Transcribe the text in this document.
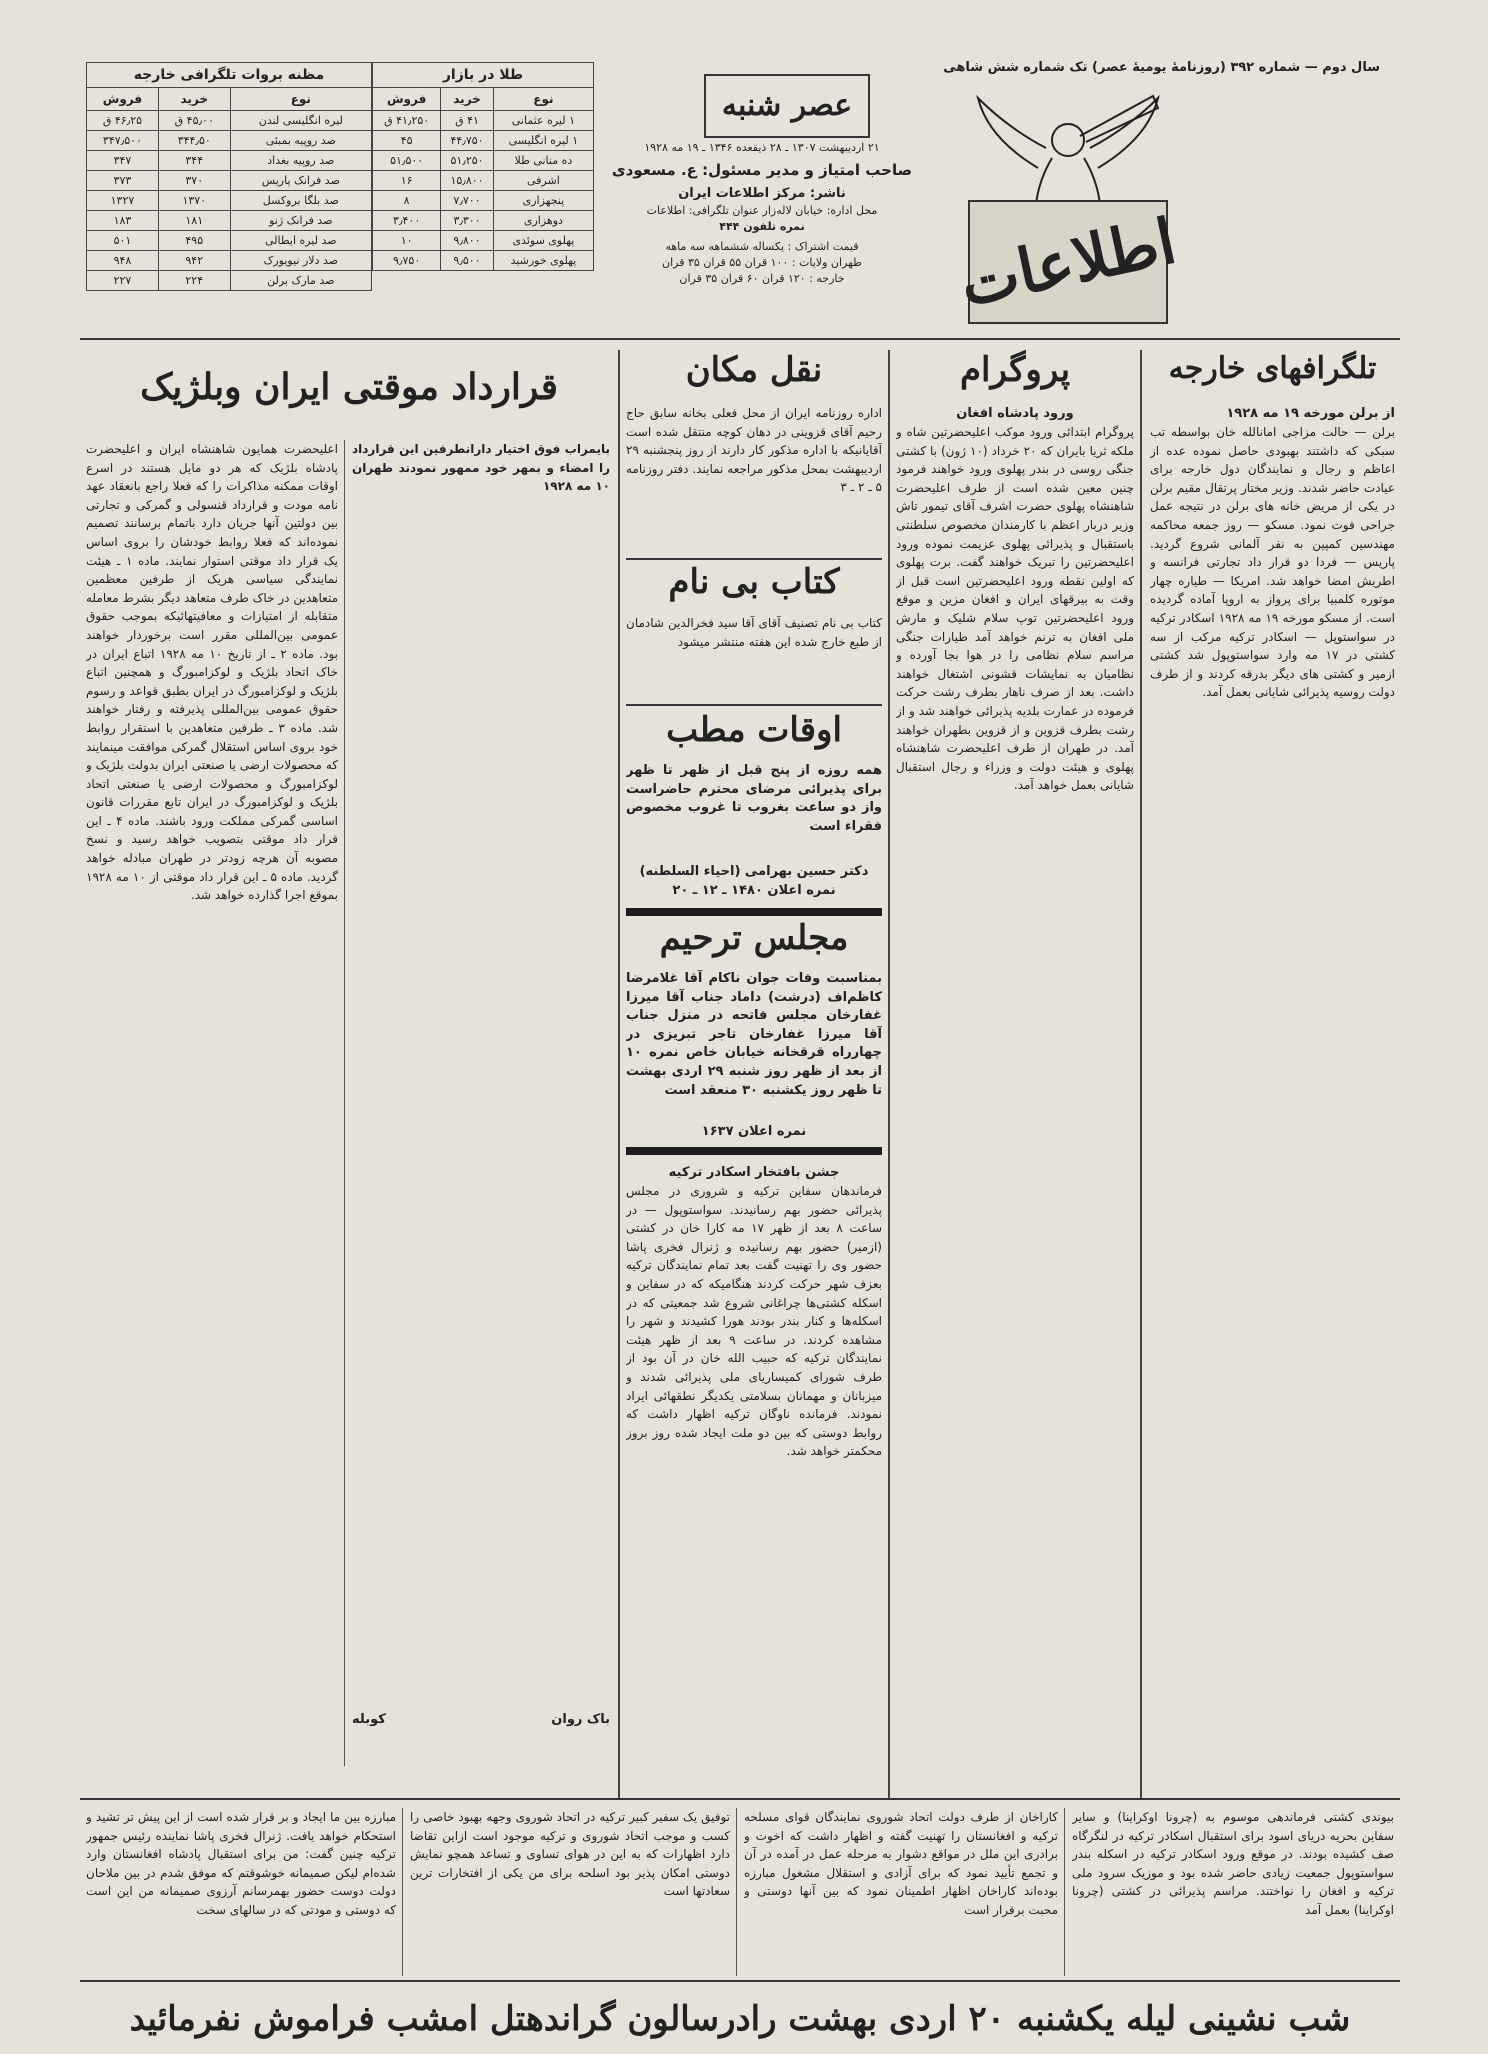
سال دوم — شماره ۳۹۲ (روزنامهٔ یومیهٔ عصر) تک شماره شش شاهی
اطلاعات
عصر شنبه
۲۱ اردیبهشت ۱۳۰۷ ـ ۲۸ ذیقعده ۱۳۴۶ ـ ۱۹ مه ۱۹۲۸
صاحب امتیاز و مدیر مسئول: ع. مسعودی
ناشر: مرکز اطلاعات ایران
محل اداره: خیابان لاله‌زار عنوان تلگرافی: اطلاعات
نمره تلفون ۴۴۴
قیمت اشتراک : یکساله ششماهه سه ماهه
طهران ولایات : ۱۰۰ قران ۵۵ قران ۳۵ قران
خارجه : ۱۲۰ قران ۶۰ قران ۳۵ قران
طلا در بازار
نوع	خرید	فروش
۱ لیره عثمانی	۴۱ ق	۴۱٫۲۵۰ ق
۱ لیره انگلیسی	۴۴٫۷۵۰	۴۵
ده منانی طلا	۵۱٫۲۵۰	۵۱٫۵۰۰
اشرفی	۱۵٫۸۰۰	۱۶
پنجهزاری	۷٫۷۰۰	۸
دوهزاری	۳٫۳۰۰	۳٫۴۰۰
پهلوی سوئدی	۹٫۸۰۰	۱۰
پهلوی خورشید	۹٫۵۰۰	۹٫۷۵۰
مظنه بروات تلگرافی خارجه
نوع	خرید	فروش
لیره انگلیسی لندن	۴۵٫۰۰ ق	۴۶٫۲۵ ق
صد روپیه بمبئی	۳۴۴٫۵۰	۳۴۷٫۵۰۰
صد روپیه بغداد	۳۴۴	۳۴۷
صد فرانک پاریس	۳۷۰	۳۷۳
صد بلگا بروکسل	۱۳۷۰	۱۳۲۷
صد فرانک ژنو	۱۸۱	۱۸۳
صد لیره ایطالی	۴۹۵	۵۰۱
صد دلار نیویورک	۹۴۲	۹۴۸
صد مارک برلن	۲۲۴	۲۲۷
تلگرافهای خارجه
از برلن مورخه ۱۹ مه ۱۹۲۸
برلن — حالت مزاجی امانالله خان بواسطه تب سبکی که داشتند بهبودی حاصل نموده عده از اعاظم و رجال و نمایندگان دول خارجه برای عیادت حاضر شدند. وزیر مختار پرتقال مقیم برلن در یکی از مریض خانه های برلن در نتیجه عمل جراحی فوت نمود. مسکو — روز جمعه محاکمه مهندسین کمپین به نفر آلمانی شروع گردید. پاریس — فردا دو قرار داد تجارتی فرانسه و اطریش امضا خواهد شد. امریکا — طیاره چهار موتوره کلمبیا برای پرواز به اروپا آماده گردیده است. از مسکو مورخه ۱۹ مه ۱۹۲۸ اسکادر ترکیه در سواستوپل — اسکادر ترکیه مرکب از سه کشتی در ۱۷ مه وارد سواستوپول شد کشتی ازمیر و کشتی های دیگر بدرقه کردند و از طرف دولت روسیه پذیرائی شایانی بعمل آمد.
پروگرام
ورود پادشاه افغان
پروگرام ابتدائی ورود موکب اعلیحضرتین شاه و ملکه ثریا بایران که ۲۰ خرداد (۱۰ ژون) با کشتی جنگی روسی در بندر پهلوی ورود خواهند فرمود چنین معین شده است از طرف اعلیحضرت شاهنشاه پهلوی حضرت اشرف آقای تیمور تاش وزیر دربار اعظم با کارمندان مخصوص سلطنتی باستقبال و پذیرائی پهلوی عزیمت نموده ورود اعلیحضرتین را تبریک خواهند گفت. برت پهلوی که اولین نقطه ورود اعلیحضرتین است قبل از وقت به بیرقهای ایران و افغان مزین و موقع ورود اعلیحضرتین توپ سلام شلیک و مارش ملی افغان به ترنم خواهد آمد طیارات جنگی مراسم سلام نظامی را در هوا بجا آورده و نظامیان به نمایشات قشونی اشتغال خواهند داشت. بعد از صرف ناهار بطرف رشت حرکت فرموده در عمارت بلدیه پذیرائی خواهند شد و از رشت بطرف قزوین و از قزوین بطهران خواهند آمد. در طهران از طرف اعلیحضرت شاهنشاه پهلوی و هیئت دولت و وزراء و رجال استقبال شایانی بعمل خواهد آمد.
نقل مکان
اداره روزنامه ایران از محل فعلی بخانه سابق حاج رحیم آقای قزوینی در دهان کوچه منتقل شده است آقایانیکه با اداره مذکور کار دارند از روز پنجشنبه ۲۹ اردیبهشت بمحل مذکور مراجعه نمایند. دفتر روزنامه ۵ ـ ۲ ـ ۳
کتاب بی نام
کتاب بی نام تصنیف آقای آقا سید فخرالدین شادمان از طبع خارج شده این هفته منتشر میشود
اوقات مطب
همه روزه از پنج قبل از ظهر تا ظهر برای پذیرائی مرضای محترم حاضراست واز دو ساعت بغروب تا غروب مخصوص فقراء است
دکتر حسین بهرامی (احیاء السلطنه)
نمره اعلان ۱۴۸۰ ـ ۱۲ ـ ۲۰
مجلس ترحیم
بمناسبت وفات جوان ناکام آقا غلامرضا کاظم‌اف (درشت) داماد جناب آقا میرزا غفارخان مجلس فاتحه در منزل جناب آقا میرزا غفارخان تاجر تبریزی در چهارراه قرقخانه خیابان خاص نمره ۱۰ از بعد از ظهر روز شنبه ۲۹ اردی بهشت تا ظهر روز یکشنبه ۳۰ منعقد است
نمره اعلان ۱۶۳۷
جشن بافتخار اسکادر ترکیه
فرماندهان سفاین ترکیه و شرورى در مجلس پذیرائی حضور بهم رسانیدند. سواستوپول — در ساعت ۸ بعد از ظهر ۱۷ مه کارا خان در کشتی (ازمیر) حضور بهم رسانیده و ژنرال فخری پاشا حضور وی را تهنیت گفت بعد تمام نمایندگان ترکیه بعزف شهر حرکت کردند هنگامیکه که در سفاین و اسکله کشتی‌ها چراغانی شروع شد جمعیتی که در اسکله‌ها و کنار بندر بودند هورا کشیدند و شهر را مشاهده کردند. در ساعت ۹ بعد از ظهر هیئت نمایندگان ترکیه که حبیب الله خان در آن بود از طرف شورای کمیساریای ملی پذیرائی شدند و میزبانان و مهمانان بسلامتی یکدیگر نطقهائی ایراد نمودند. فرمانده ناوگان ترکیه اظهار داشت که روابط دوستی که بین دو ملت ایجاد شده روز بروز محکمتر خواهد شد.
قرارداد موقتی ایران وبلژیک
اعلیحضرت همایون شاهنشاه ایران و اعلیحضرت پادشاه بلژیک که هر دو مایل هستند در اسرع اوقات ممکنه مذاکرات را که فعلا راجع بانعقاد عهد نامه مودت و قرارداد قنسولی و گمرکی و تجارتی بین دولتین آنها جریان دارد باتمام برسانند تصمیم نموده‌اند که فعلا روابط خودشان را بروی اساس یک قرار داد موقتی استوار نمایند. ماده ۱ ـ هیئت نمایندگی سیاسی هریک از طرفین معظمین متعاهدین در خاک طرف متعاهد دیگر بشرط معامله متقابله از امتیازات و معافیتهائیکه بموجب حقوق عمومی بین‌المللی مقرر است برخوردار خواهند بود. ماده ۲ ـ از تاریخ ۱۰ مه ۱۹۲۸ اتباع ایران در خاک اتحاد بلژیک و لوکزامبورگ و همچنین اتباع بلژیک و لوکزامبورگ در ایران بطبق قواعد و رسوم حقوق عمومی بین‌المللی پذیرفته و رفتار خواهند شد. ماده ۳ ـ طرفین متعاهدین با استقرار روابط خود بروی اساس استقلال گمرکی موافقت مینمایند که محصولات ارضی یا صنعتی ایران بدولت بلژیک و لوکزامبورگ و محصولات ارضی یا صنعتی اتحاد بلژیک و لوکزامبورگ در ایران تابع مقررات قانون اساسی گمرکی مملکت ورود باشند. ماده ۴ ـ این قرار داد موقتی بتصویب خواهد رسید و نسخ مصوبه آن هرچه زودتر در طهران مبادله خواهد گردید. ماده ۵ ـ این قرار داد موقتی از ۱۰ مه ۱۹۲۸ بموقع اجرا گذارده خواهد شد.
بایمراب فوق اختیار دارانطرفین این قرارداد را امضاء و بمهر خود ممهور نمودند طهران ۱۰ مه ۱۹۲۸
باک روان
کوبله
بیوندی کشتی فرماندهی موسوم به (چرونا اوکراینا) و سایر سفاین بحریه دریای اسود برای استقبال اسکادر ترکیه در لنگرگاه صف کشیده بودند. در موقع ورود اسکادر ترکیه در اسکله بندر سواستوپول جمعیت زیادی حاضر شده بود و موزیک سرود ملی ترکیه و افغان را نواختند. مراسم پذیرائی در کشتی (چرونا اوکراینا) بعمل آمد
کاراخان از طرف دولت اتحاد شوروی نمایندگان قوای مسلحه ترکیه و افغانستان را تهنیت گفته و اظهار داشت که اخوت و برادری این ملل در مواقع دشوار به مرحله عمل در آمده در آن و تجمع تأیید نمود که برای آزادی و استقلال مشغول مبارزه بوده‌اند کاراخان اظهار اطمینان نمود که بین آنها دوستی و محبت برقرار است
توفیق یک سفیر کبیر ترکیه در اتحاد شوروی وجهه بهبود خاصی را کسب و موجب اتحاد شوروی و ترکیه موجود است ازاین تقاضا دارد اظهارات که به این در هوای تساوی و تساعد همچو نمایش دوستی امکان پذیر بود اسلحه برای من یکی از افتخارات ترین سعادتها است
مبارزه بین ما ایجاد و بر قرار شده است از این پیش تر تشید و استحکام خواهد یافت. ژنرال فخری پاشا نماینده رئیس جمهور ترکیه چنین گفت: من برای استقبال پادشاه افغانستان وارد شده‌ام لیکن صمیمانه خوشوقتم که موفق شدم در بین ملاحان دولت دوست حضور بهمرسانم آرزوی صمیمانه من این است که دوستی و مودتی که در سالهای سخت
شب نشینی لیله یکشنبه ۲۰ اردی بهشت رادرسالون گراندهتل امشب فراموش نفرمائید
